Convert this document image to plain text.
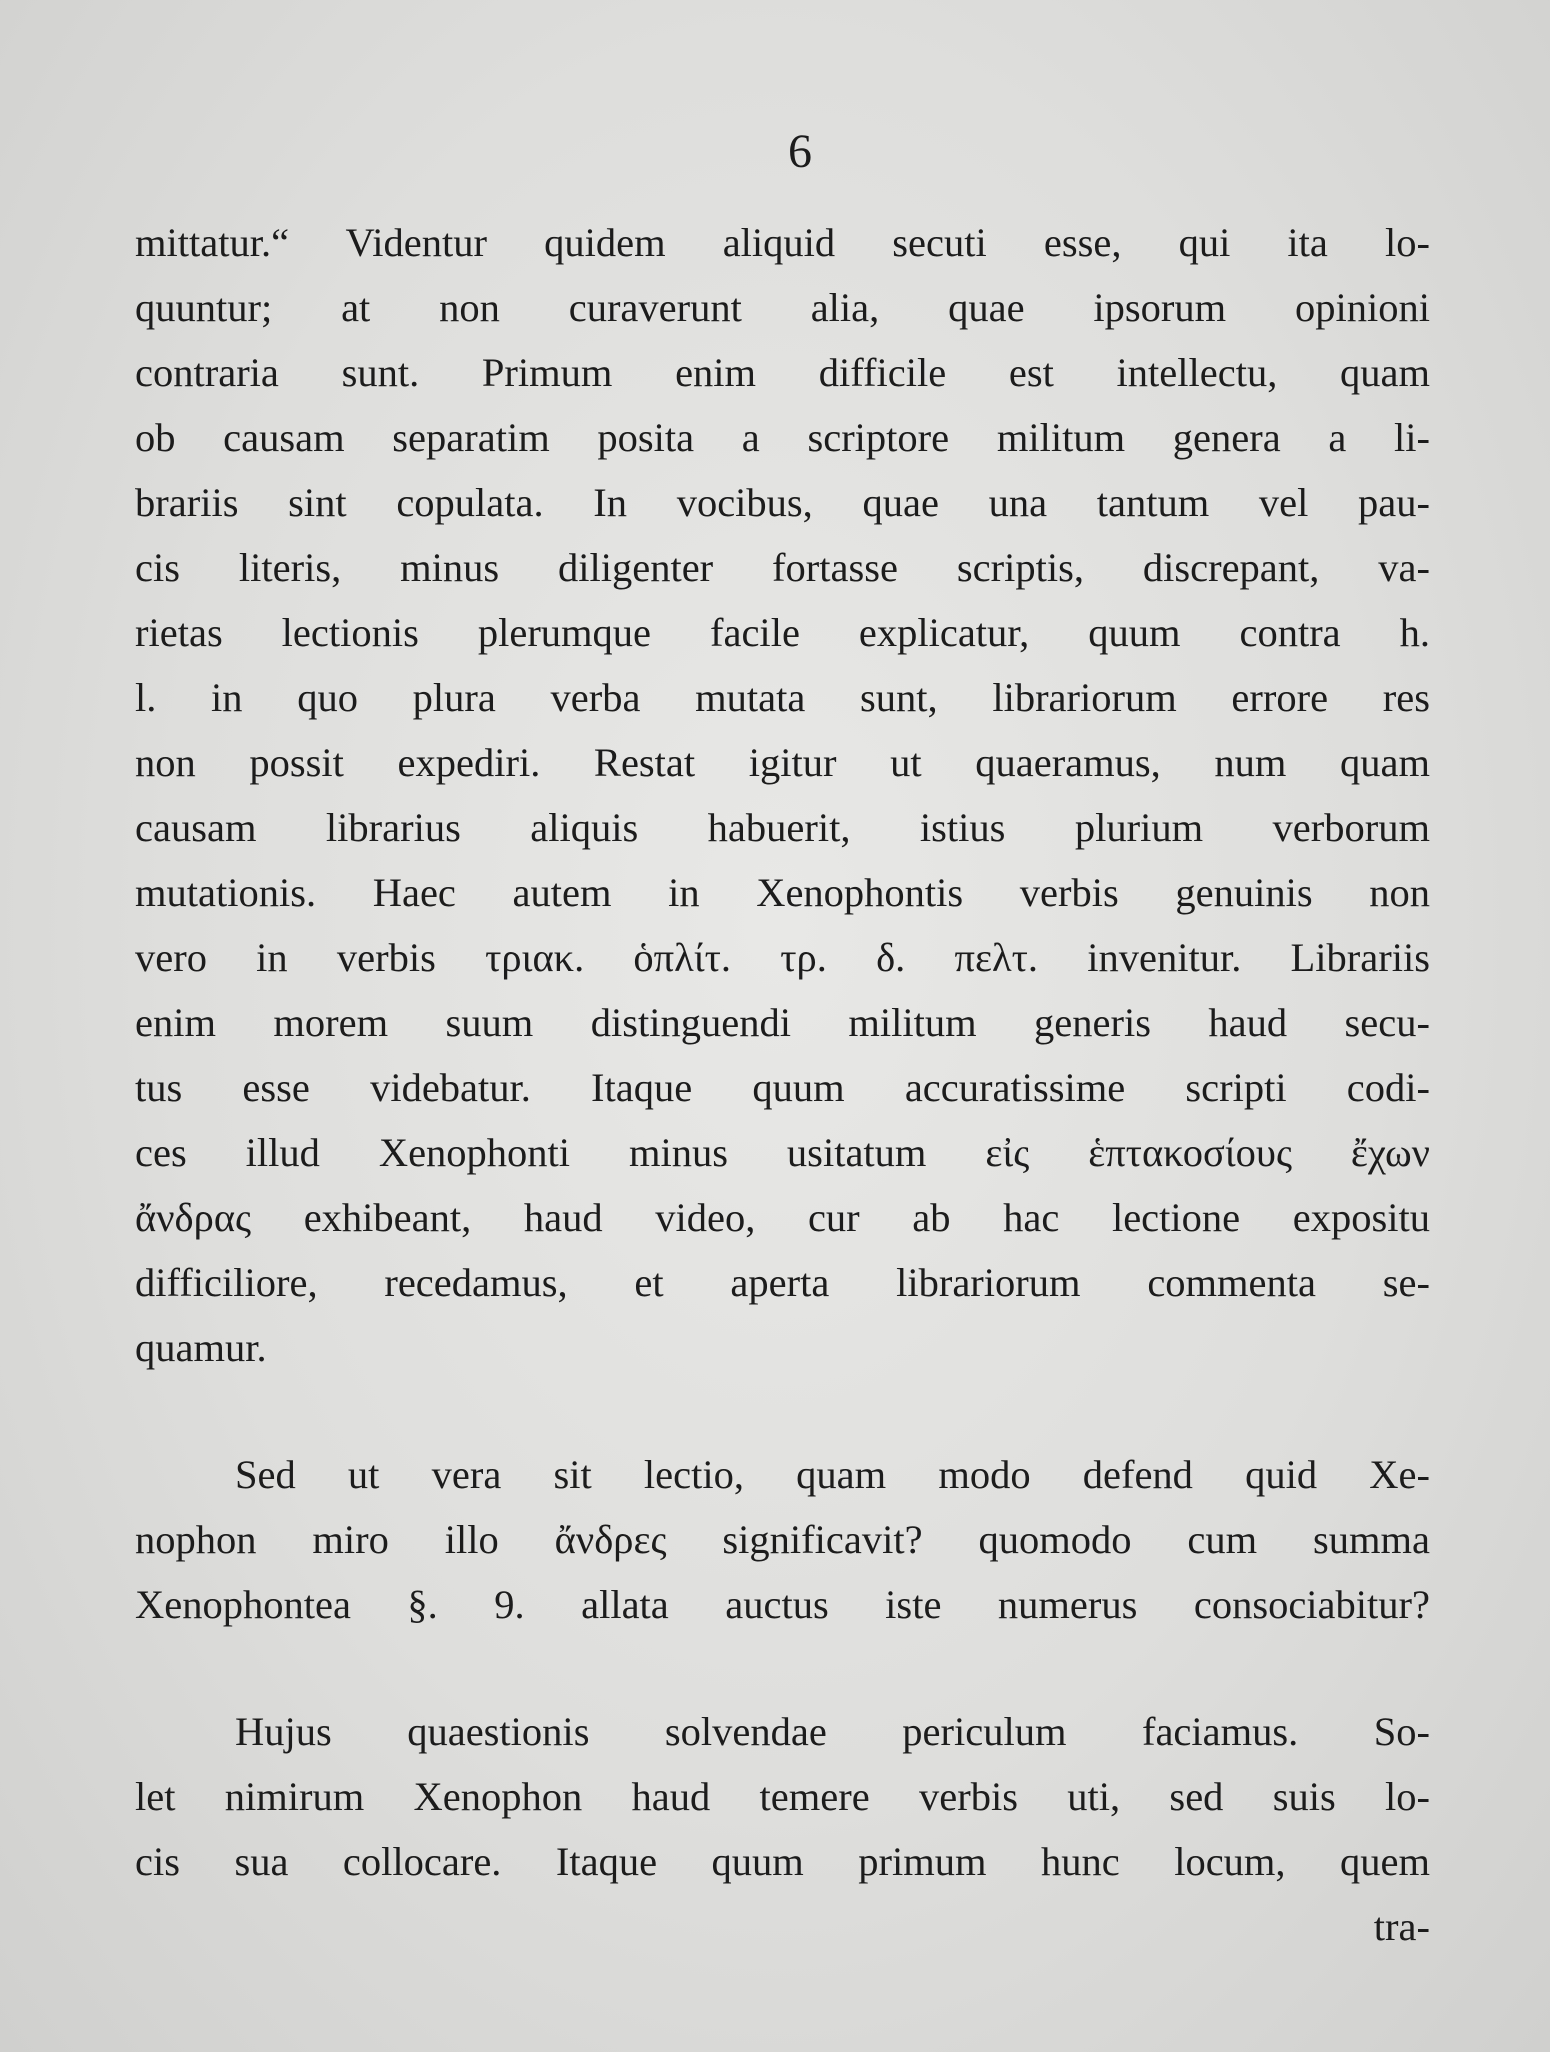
6
mittatur.“ Videntur quidem aliquid secuti esse, qui ita lo-
quuntur; at non curaverunt alia, quae ipsorum opinioni
contraria sunt. Primum enim difficile est intellectu, quam
ob causam separatim posita a scriptore militum genera a li-
brariis sint copulata. In vocibus, quae una tantum vel pau-
cis literis, minus diligenter fortasse scriptis, discrepant, va-
rietas lectionis plerumque facile explicatur, quum contra h.
l. in quo plura verba mutata sunt, librariorum errore res
non possit expediri. Restat igitur ut quaeramus, num quam
causam librarius aliquis habuerit, istius plurium verborum
mutationis. Haec autem in Xenophontis verbis genuinis non
vero in verbis τριακ. ὁπλίτ. τρ. δ. πελτ. invenitur. Librariis
enim morem suum distinguendi militum generis haud secu-
tus esse videbatur. Itaque quum accuratissime scripti codi-
ces illud Xenophonti minus usitatum εἰς ἑπτακοσίους ἔχων
ἄνδρας exhibeant, haud video, cur ab hac lectione expositu
difficiliore, recedamus, et aperta librariorum commenta se-
quamur.
Sed ut vera sit lectio, quam modo defend quid Xe-
nophon miro illo ἄνδρες significavit? quomodo cum summa
Xenophontea §. 9. allata auctus iste numerus consociabitur?
Hujus quaestionis solvendae periculum faciamus. So-
let nimirum Xenophon haud temere verbis uti, sed suis lo-
cis sua collocare. Itaque quum primum hunc locum, quem
tra-
